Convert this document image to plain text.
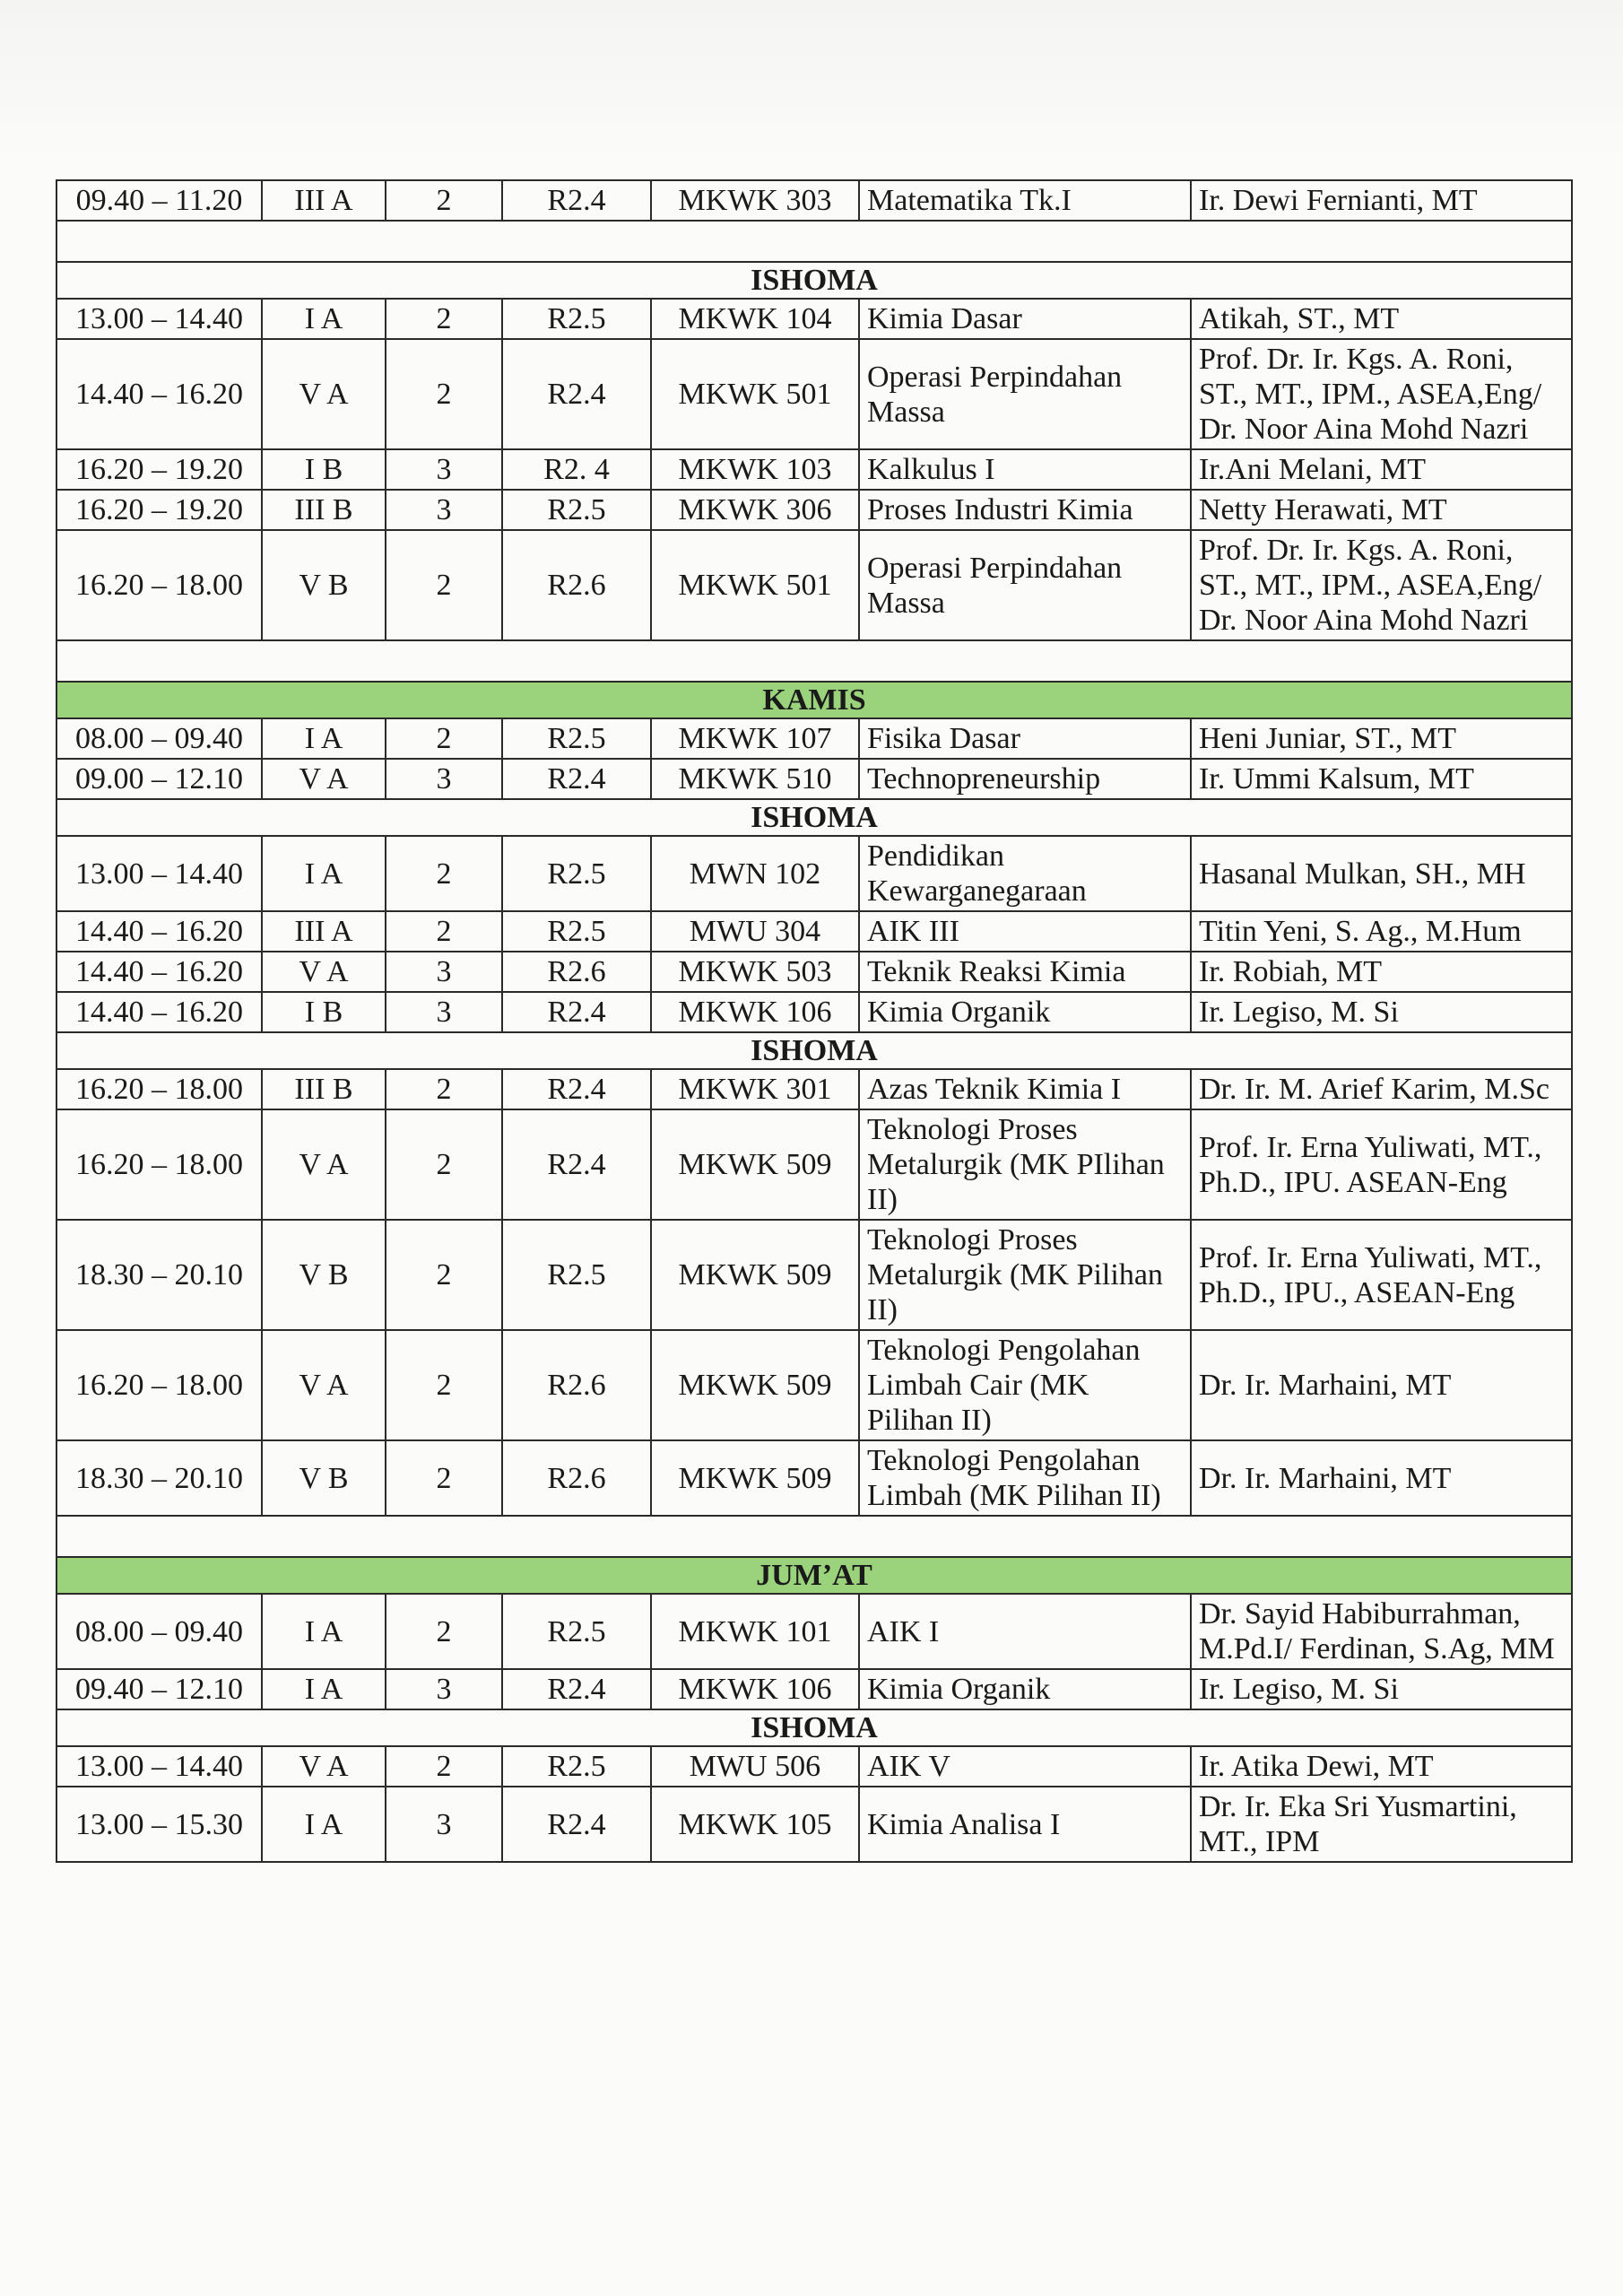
09.40 – 11.20	III A	2	R2.4	MKWK 303	Matematika Tk.I	Ir. Dewi Fernianti, MT

ISHOMA						
13.00 – 14.40	I A	2	R2.5	MKWK 104	Kimia Dasar	Atikah, ST., MT
14.40 – 16.20	V A	2	R2.4	MKWK 501	Operasi Perpindahan Massa	Prof. Dr. Ir. Kgs. A. Roni, ST., MT., IPM., ASEA,Eng/ Dr. Noor Aina Mohd Nazri
16.20 – 19.20	I B	3	R2. 4	MKWK 103	Kalkulus I	Ir.Ani Melani, MT
16.20 – 19.20	III B	3	R2.5	MKWK 306	Proses Industri Kimia	Netty Herawati, MT
16.20 – 18.00	V B	2	R2.6	MKWK 501	Operasi Perpindahan Massa	Prof. Dr. Ir. Kgs. A. Roni, ST., MT., IPM., ASEA,Eng/ Dr. Noor Aina Mohd Nazri

KAMIS						
08.00 – 09.40	I A	2	R2.5	MKWK 107	Fisika Dasar	Heni Juniar, ST., MT
09.00 – 12.10	V A	3	R2.4	MKWK 510	Technopreneurship	Ir. Ummi Kalsum, MT
ISHOMA						
13.00 – 14.40	I A	2	R2.5	MWN 102	Pendidikan Kewarganegaraan	Hasanal Mulkan, SH., MH
14.40 – 16.20	III A	2	R2.5	MWU 304	AIK III	Titin Yeni, S. Ag., M.Hum
14.40 – 16.20	V A	3	R2.6	MKWK 503	Teknik Reaksi Kimia	Ir. Robiah, MT
14.40 – 16.20	I B	3	R2.4	MKWK 106	Kimia Organik	Ir. Legiso, M. Si
ISHOMA						
16.20 – 18.00	III B	2	R2.4	MKWK 301	Azas Teknik Kimia I	Dr. Ir. M. Arief Karim, M.Sc
16.20 – 18.00	V A	2	R2.4	MKWK 509	Teknologi Proses Metalurgik (MK PIlihan II)	Prof. Ir. Erna Yuliwati, MT., Ph.D., IPU. ASEAN-Eng
18.30 – 20.10	V B	2	R2.5	MKWK 509	Teknologi Proses Metalurgik (MK Pilihan II)	Prof. Ir. Erna Yuliwati, MT., Ph.D., IPU., ASEAN-Eng
16.20 – 18.00	V A	2	R2.6	MKWK 509	Teknologi Pengolahan Limbah Cair (MK Pilihan II)	Dr. Ir. Marhaini, MT
18.30 – 20.10	V B	2	R2.6	MKWK 509	Teknologi Pengolahan Limbah (MK Pilihan II)	Dr. Ir. Marhaini, MT

JUM’AT						
08.00 – 09.40	I A	2	R2.5	MKWK 101	AIK I	Dr. Sayid Habiburrahman, M.Pd.I/ Ferdinan, S.Ag, MM
09.40 – 12.10	I A	3	R2.4	MKWK 106	Kimia Organik	Ir. Legiso, M. Si
ISHOMA						
13.00 – 14.40	V A	2	R2.5	MWU 506	AIK V	Ir. Atika Dewi, MT
13.00 – 15.30	I A	3	R2.4	MKWK 105	Kimia Analisa I	Dr. Ir. Eka Sri Yusmartini, MT., IPM
